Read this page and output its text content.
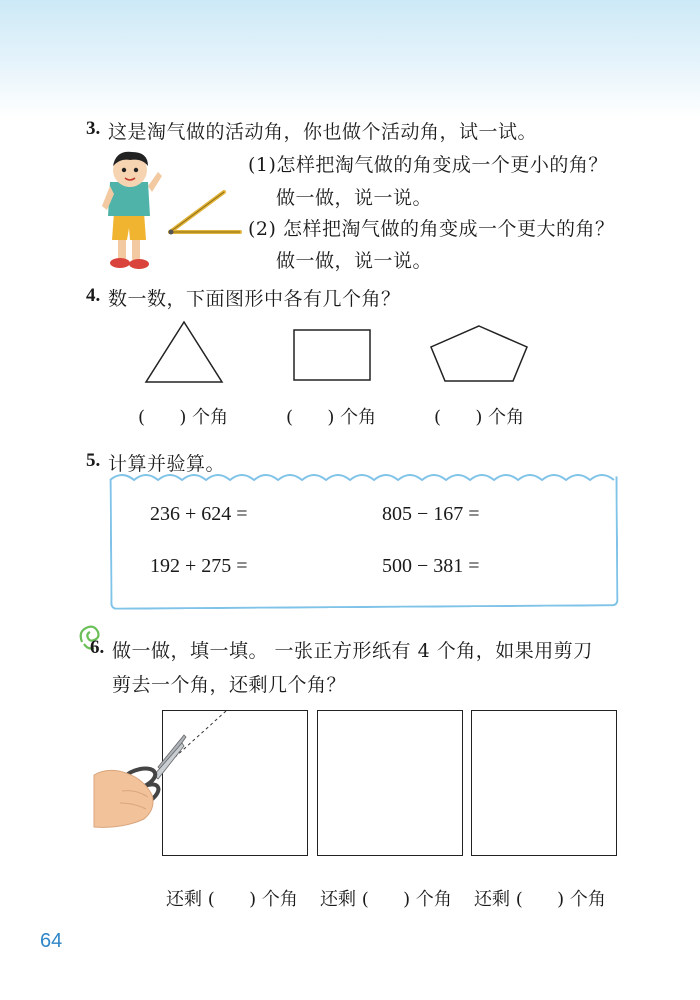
3. 这是淘气做的活动角，你也做个活动角，试一试。
(1)怎样把淘气做的角变成一个更小的角？
做一做，说一说。
(2) 怎样把淘气做的角变成一个更大的角？
做一做，说一说。
4. 数一数，下面图形中各有几个角？
(      ) 个角	(      ) 个角	(      ) 个角
5. 计算并验算。
236 + 624 =	805 − 167 =
192 + 275 =	500 − 381 =
6. 做一做，填一填。 一张正方形纸有 4 个角，如果用剪刀
剪去一个角，还剩几个角？
还剩 (      ) 个角 还剩 (      ) 个角 还剩 (      ) 个角
64
